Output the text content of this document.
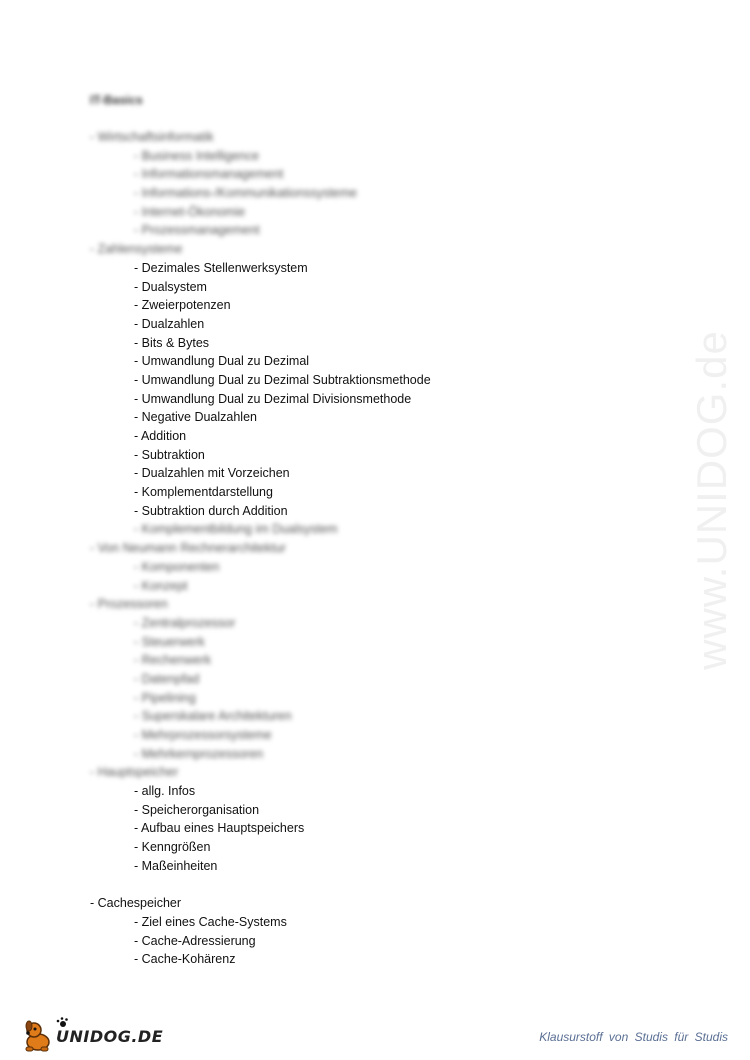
www.UNIDOG.de
IT-Basics
- Wirtschaftsinformatik
- Business Intelligence
- Informationsmanagement
- Informations-/Kommunikationssysteme
- Internet-Ökonomie
- Prozessmanagement
- Zahlensysteme
- Dezimales Stellenwerksystem
- Dualsystem
- Zweierpotenzen
- Dualzahlen
- Bits & Bytes
- Umwandlung Dual zu Dezimal
- Umwandlung Dual zu Dezimal Subtraktionsmethode
- Umwandlung Dual zu Dezimal Divisionsmethode
- Negative Dualzahlen
- Addition
- Subtraktion
- Dualzahlen mit Vorzeichen
- Komplementdarstellung
- Subtraktion durch Addition
- Komplementbildung im Dualsystem
- Von Neumann Rechnerarchitektur
- Komponenten
- Konzept
- Prozessoren
- Zentralprozessor
- Steuerwerk
- Rechenwerk
- Datenpfad
- Pipelining
- Superskalare Architekturen
- Mehrprozessorsysteme
- Mehrkernprozessoren
- Hauptspeicher
- allg. Infos
- Speicherorganisation
- Aufbau eines Hauptspeichers
- Kenngrößen
- Maßeinheiten
- Cachespeicher
- Ziel eines Cache-Systems
- Cache-Adressierung
- Cache-Kohärenz
UNIDOG.DE	Klausurstoff von Studis für Studis
